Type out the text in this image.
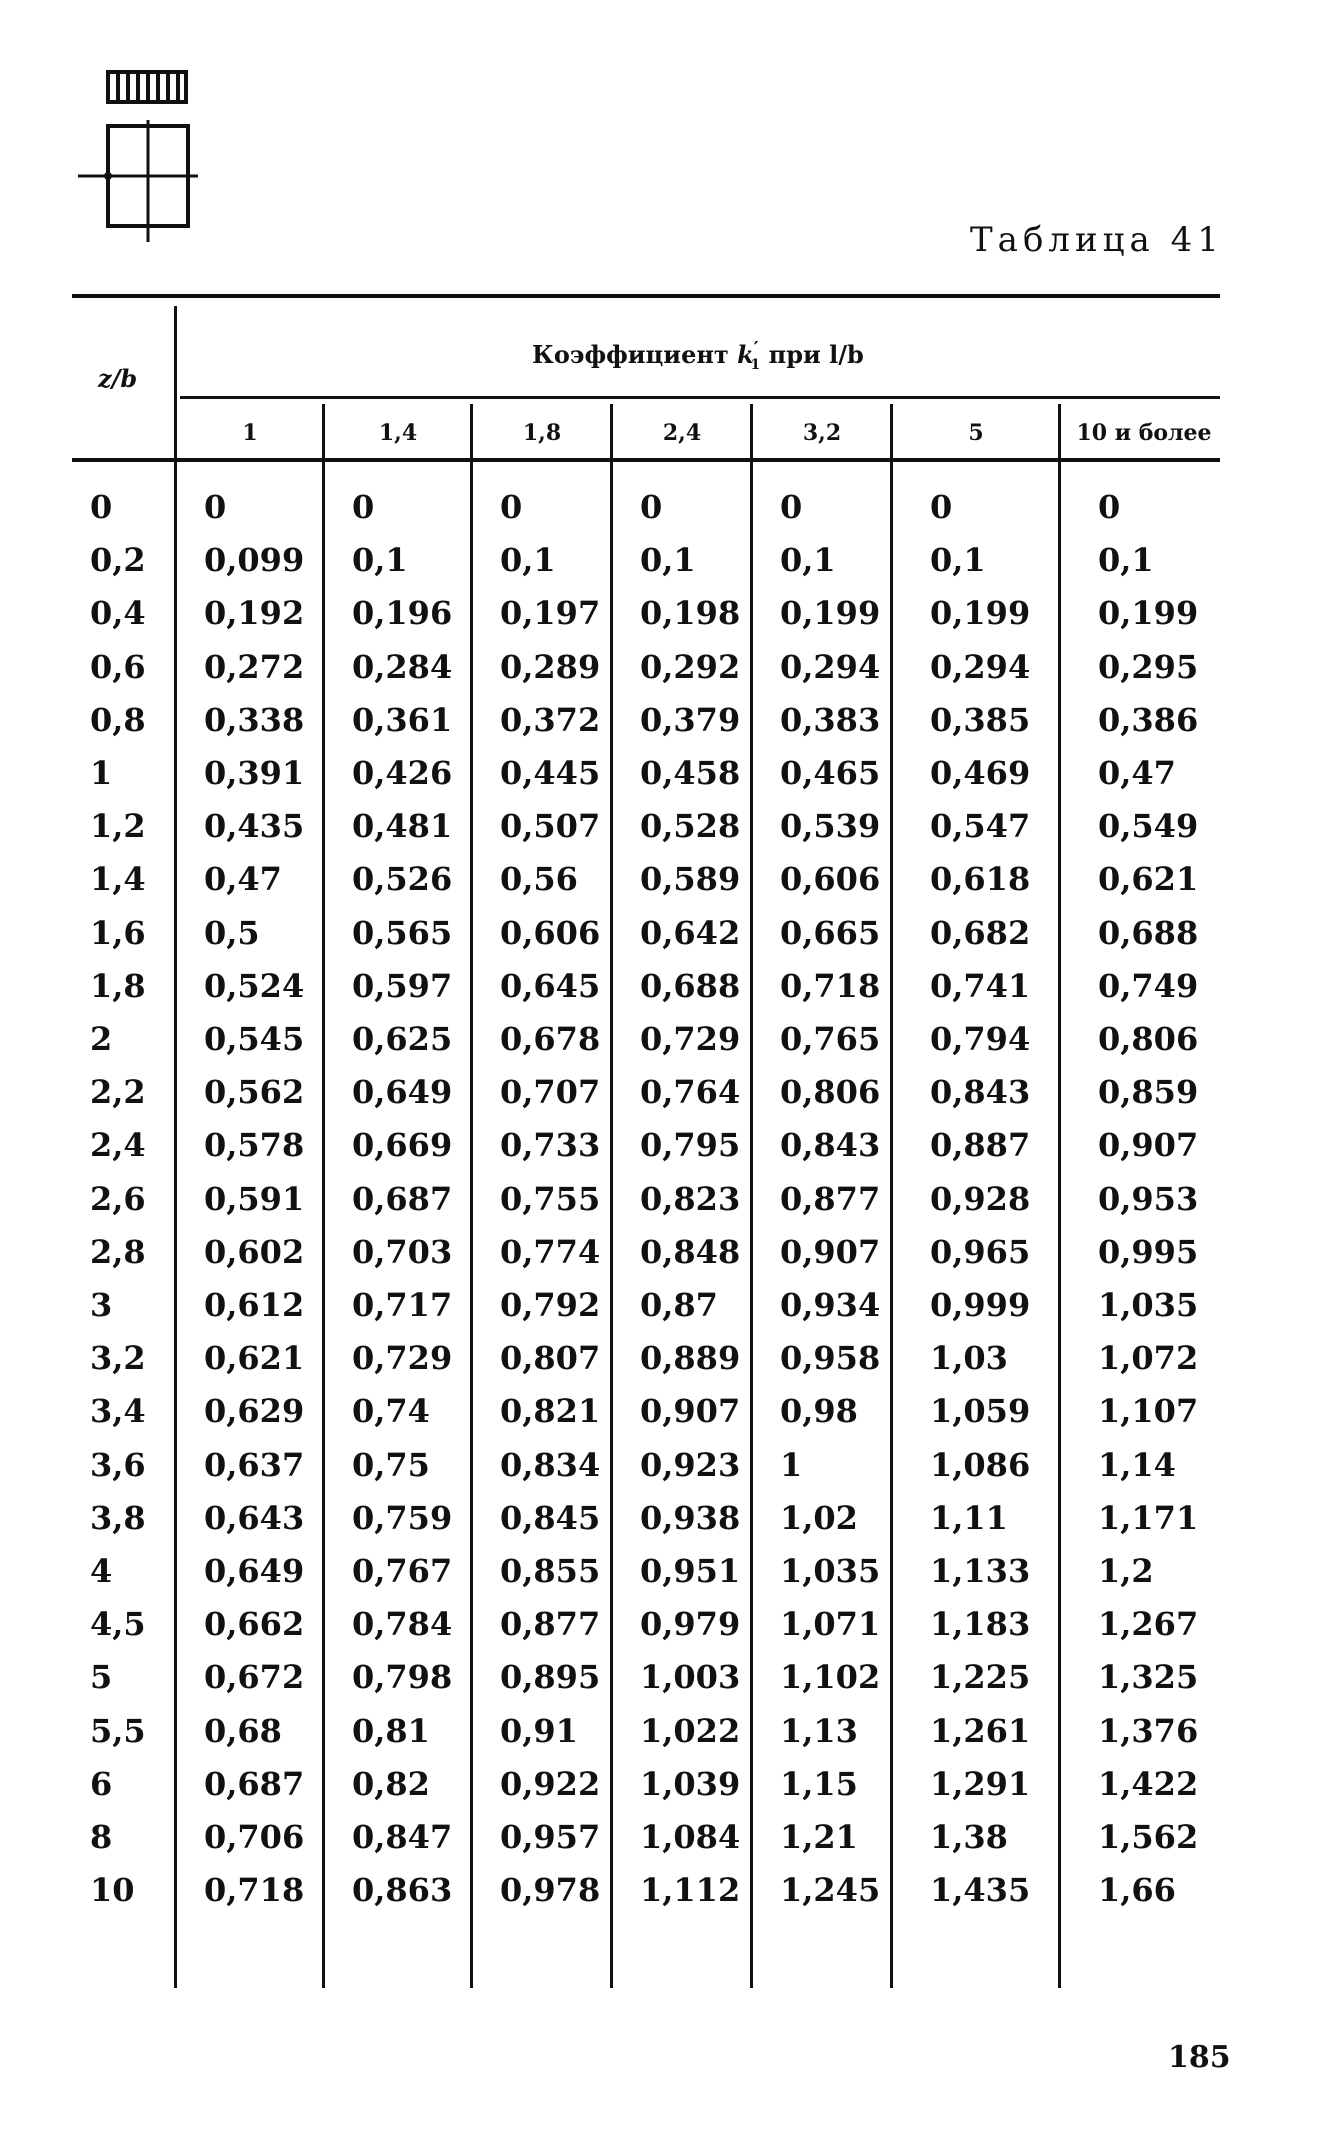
Таблица 41
z/b
Коэффициент $k'_1$ при l/b
1	1,4	1,8	2,4	3,2	5	10 и более
0	0	0	0	0	0	0	0
0,2 0,099 0,1	0,1	0,1	0,1	0,1	0,1
0,4 0,192 0,196 0,197 0,198 0,199 0,199 0,199
0,6 0,272 0,284 0,289 0,292 0,294 0,294 0,295
0,8 0,338 0,361 0,372 0,379 0,383 0,385 0,386
1	0,391 0,426 0,445 0,458 0,465 0,469 0,47
1,2 0,435 0,481 0,507 0,528 0,539 0,547 0,549
1,4 0,47 0,526 0,56 0,589 0,606 0,618 0,621
1,6 0,5	0,565 0,606 0,642 0,665 0,682 0,688
1,8 0,524 0,597 0,645 0,688 0,718 0,741 0,749
2	0,545 0,625 0,678 0,729 0,765 0,794 0,806
2,2 0,562 0,649 0,707 0,764 0,806 0,843 0,859
2,4 0,578 0,669 0,733 0,795 0,843 0,887 0,907
2,6 0,591 0,687 0,755 0,823 0,877 0,928 0,953
2,8 0,602 0,703 0,774 0,848 0,907 0,965 0,995
3	0,612 0,717 0,792 0,87 0,934 0,999 1,035
3,2 0,621 0,729 0,807 0,889 0,958 1,03	1,072
3,4 0,629 0,74 0,821 0,907 0,98 1,059 1,107
3,6 0,637 0,75 0,834 0,923 1	1,086 1,14
3,8 0,643 0,759 0,845 0,938 1,02 1,11	1,171
4	0,649 0,767 0,855 0,951 1,035 1,133 1,2
4,5 0,662 0,784 0,877 0,979 1,071 1,183 1,267
5	0,672 0,798 0,895 1,003 1,102 1,225 1,325
5,5 0,68 0,81 0,91 1,022 1,13 1,261 1,376
6	0,687 0,82 0,922 1,039 1,15 1,291 1,422
8	0,706 0,847 0,957 1,084 1,21 1,38	1,562
10 0,718 0,863 0,978 1,112 1,245 1,435 1,66
185
